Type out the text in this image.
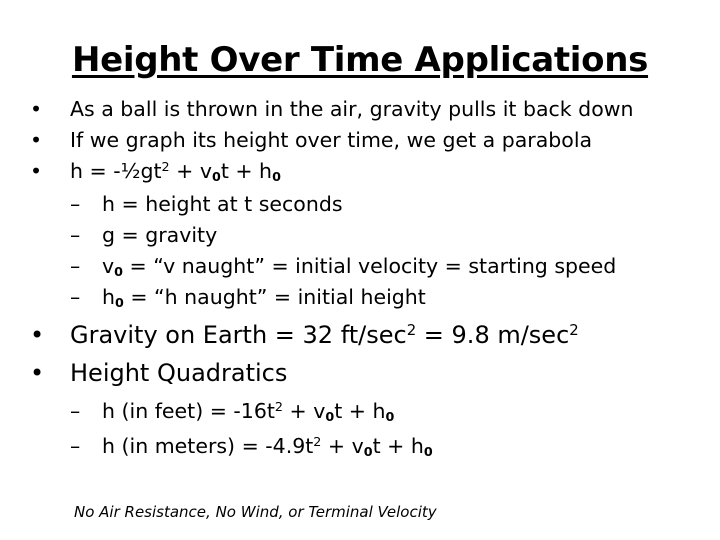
Height Over Time Applications
• As a ball is thrown in the air, gravity pulls it back down
• If we graph its height over time, we get a parabola
• $h = -\frac{1}{2}gt^2 + v_0t + h_0$
– h = height at t seconds
– g = gravity
– $v_0$ = “v naught” = initial velocity = starting speed
– $h_0$ = “h naught” = initial height
• Gravity on Earth = 32 $ft/\sec^2 = 9.8$ $m/\sec^2$
• Height Quadratics
– h (in feet) = $-16t^2 + v_0t + h_0$
– h (in meters) = $-4.9t^2 + v_0t + h_0$
No Air Resistance, No Wind, or Terminal Velocity
